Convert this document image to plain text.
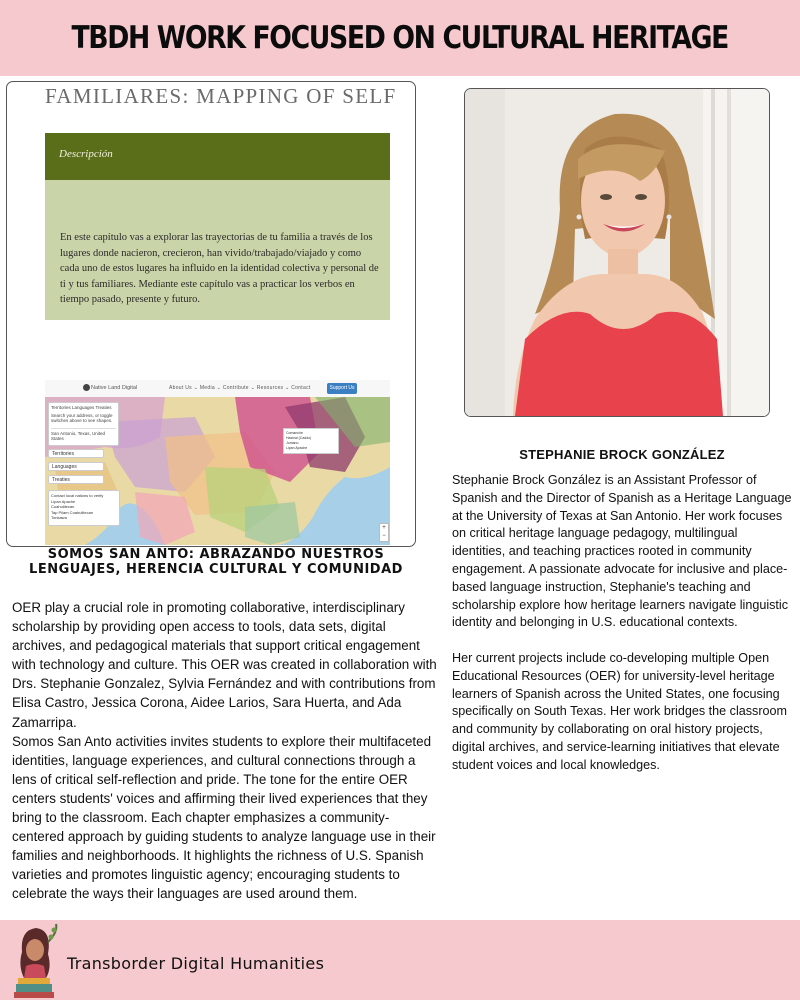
TBDH WORK FOCUSED ON CULTURAL HERITAGE
FAMILIARES: MAPPING OF SELF
Descripción

En este capítulo vas a explorar las trayectorias de tu familia a través de los lugares donde nacieron, crecieron, han vivido/trabajado/viajado y como cada uno de estos lugares ha influido en la identidad colectiva y personal de ti y tus familiares. Mediante este capítulo vas a practicar los verbos en tiempo pasado, presente y futuro.

Native Land Digital	About Us ⌄ Media ⌄ Contribute ⌄ Resources ⌄ Contact	Support Us
Territories Languages Treaties
Search your address, or toggle switches above to see shapes.
San Antonio, Texas, United States
Territories
Languages
Treaties
Contact local nations to verify
Lipan Apache
Coahuiltecan
Tap Pilam Coahuiltecan
Tonkawa
Comanche
Hasinai (Caddo)
Jumano
Lipan Apache
+
−
SOMOS SAN ANTO: ABRAZANDO NUESTROS LENGUAJES, HERENCIA CULTURAL Y COMUNIDAD

OER play a crucial role in promoting collaborative, interdisciplinary scholarship by providing open access to tools, data sets, digital archives, and pedagogical materials that support critical engagement with technology and culture. This OER was created in collaboration with Drs. Stephanie Gonzalez, Sylvia Fernández and with contributions from Elisa Castro, Jessica Corona, Aidee Larios, Sara Huerta, and Ada Zamarripa.

Somos San Anto activities invites students to explore their multifaceted identities, language experiences, and cultural connections through a lens of critical self-reflection and pride. The tone for the entire OER centers students' voices and affirming their lived experiences that they bring to the classroom. Each chapter emphasizes a community-centered approach by guiding students to analyze language use in their families and neighborhoods. It highlights the richness of U.S. Spanish varieties and promotes linguistic agency; encouraging students to celebrate the ways their languages are used around them.

STEPHANIE BROCK GONZÁLEZ

Stephanie Brock González is an Assistant Professor of Spanish and the Director of Spanish as a Heritage Language at the University of Texas at San Antonio. Her work focuses on critical heritage language pedagogy, multilingual identities, and teaching practices rooted in community engagement. A passionate advocate for inclusive and place-based language instruction, Stephanie's teaching and scholarship explore how heritage learners navigate linguistic identity and belonging in U.S. educational contexts.

Her current projects include co-developing multiple Open Educational Resources (OER) for university-level heritage learners of Spanish across the United States, one focusing specifically on South Texas. Her work bridges the classroom and community by collaborating on oral history projects, digital archives, and service-learning initiatives that elevate student voices and local knowledges.

Transborder Digital Humanities
